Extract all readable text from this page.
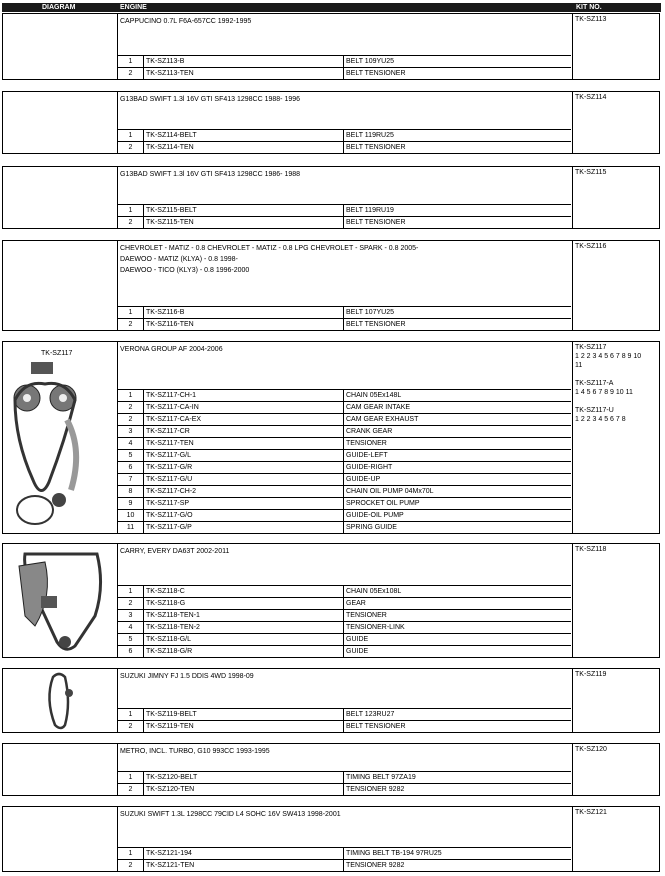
DIAGRAM	ENGINE	KIT NO.
CAPPUCINO 0.7L F6A-657CC 1992-1995	TK-SZ113
1	TK-SZ113-B	BELT 109YU25
2	TK-SZ113-TEN	BELT TENSIONER
G13BAD SWIFT 1.3l 16V GTI SF413 1298CC 1988- 1996	TK-SZ114
1	TK-SZ114-BELT	BELT 119RU25
2	TK-SZ114-TEN	BELT TENSIONER
G13BAD SWIFT 1.3l 16V GTI SF413 1298CC 1986- 1988	TK-SZ115
1	TK-SZ115-BELT	BELT 119RU19
2	TK-SZ115-TEN	BELT TENSIONER
CHEVROLET - MATIZ - 0.8 CHEVROLET - MATIZ - 0.8 LPG CHEVROLET - SPARK - 0.8 2005-
DAEWOO - MATIZ (KLYA) - 0.8 1998-
DAEWOO - TICO (KLY3) - 0.8 1996-2000
TK-SZ116
1	TK-SZ116-B	BELT 107YU25
2	TK-SZ116-TEN	BELT TENSIONER
TK-SZ117
VERONA GROUP AF 2004-2006	TK-SZ117
1 2 2 3 4 5 6 7 8 9 10
11
TK-SZ117-A
1 4 5 6 7 8 9 10 11
TK-SZ117-U
1 2 2 3 4 5 6 7 8
1	TK-SZ117-CH-1	CHAIN 05Ex148L
2	TK-SZ117-CA-IN	CAM GEAR INTAKE
2	TK-SZ117-CA-EX	CAM GEAR EXHAUST
3	TK-SZ117-CR	CRANK GEAR
4	TK-SZ117-TEN	TENSIONER
5	TK-SZ117-G/L	GUIDE-LEFT
6	TK-SZ117-G/R	GUIDE-RIGHT
7	TK-SZ117-G/U	GUIDE-UP
8	TK-SZ117-CH-2	CHAIN OIL PUMP 04Mx70L
9	TK-SZ117-SP	SPROCKET OIL PUMP
10	TK-SZ117-G/O	GUIDE-OIL PUMP
11	TK-SZ117-G/P	SPRING GUIDE
CARRY, EVERY DA63T 2002-2011	TK-SZ118
1	TK-SZ118-C	CHAIN 05Ex108L
2	TK-SZ118-G	GEAR
3	TK-SZ118-TEN-1	TENSIONER
4	TK-SZ118-TEN-2	TENSIONER-LINK
5	TK-SZ118-G/L	GUIDE
6	TK-SZ118-G/R	GUIDE
SUZUKI JIMNY FJ 1.5 DDIS 4WD 1998-09	TK-SZ119
1	TK-SZ119-BELT	BELT 123RU27
2	TK-SZ119-TEN	BELT TENSIONER
METRO, INCL. TURBO, G10 993CC 1993-1995	TK-SZ120
1	TK-SZ120-BELT	TIMING BELT 97ZA19
2	TK-SZ120-TEN	TENSIONER 9282
SUZUKI SWIFT 1.3L 1298CC 79CID L4 SOHC 16V SW413 1998-2001	TK-SZ121
1	TK-SZ121-194	TIMING BELT TB-194 97RU25
2	TK-SZ121-TEN	TENSIONER 9282
